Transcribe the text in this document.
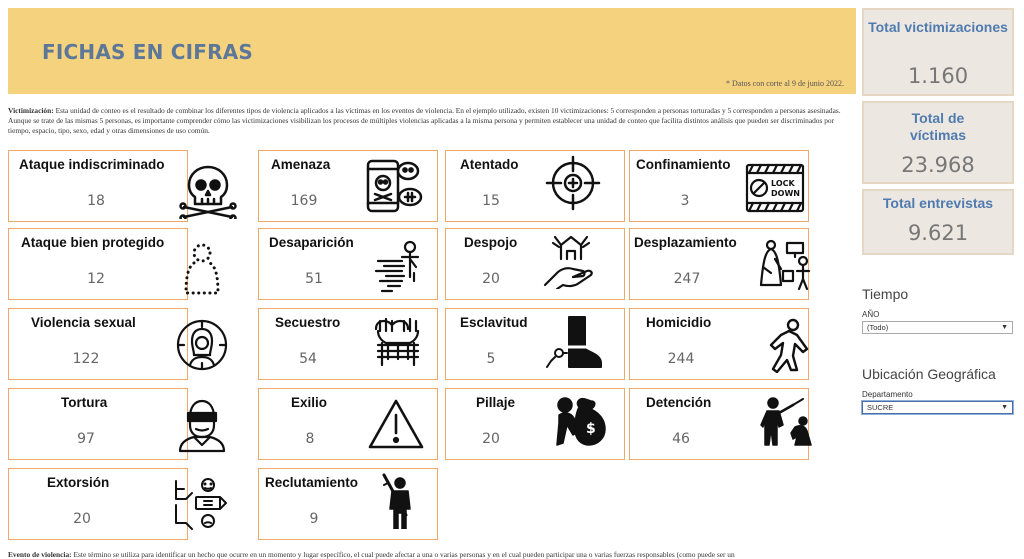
FICHAS EN CIFRAS
* Datos con corte al 9 de junio 2022.
Victimización: Esta unidad de conteo es el resultado de combinar los diferentes tipos de violencia aplicados a las víctimas en los eventos de violencia. En el ejemplo utilizado, existen 10 victimizaciones: 5 corresponden a personas torturadas y 5 corresponden a personas asesinadas. Aunque se trate de las mismas 5 personas, es importante comprender cómo las victimizaciones visibilizan los procesos de múltiples violencias aplicadas a la misma persona y permiten establecer una unidad de conteo que facilita distintos análisis que pueden ser discriminados por tiempo, espacio, tipo, sexo, edad y otras dimensiones de uso común.
Ataque indiscriminado
18
Amenaza
169
Atentado
15
Confinamiento
3
LOCK
DOWN
Ataque bien protegido
12
Desaparición
51
Despojo
20
Desplazamiento
247
Violencia sexual
122
Secuestro
54
Esclavitud
5
Homicidio
244
Tortura
97
Exilio
8
Pillaje
20
$
Detención
46
Extorsión
20
Reclutamiento
9
Total victimizaciones
1.160
Total de víctimas
23.968
Total entrevistas
9.621
Tiempo
AÑO
(Todo)	▼
Ubicación Geográfica
Departamento
SUCRE	▼
Evento de violencia: Este término se utiliza para identificar un hecho que ocurre en un momento y lugar específico, el cual puede afectar a una o varias personas y en el cual pueden participar una o varias fuerzas responsables (como puede ser un
